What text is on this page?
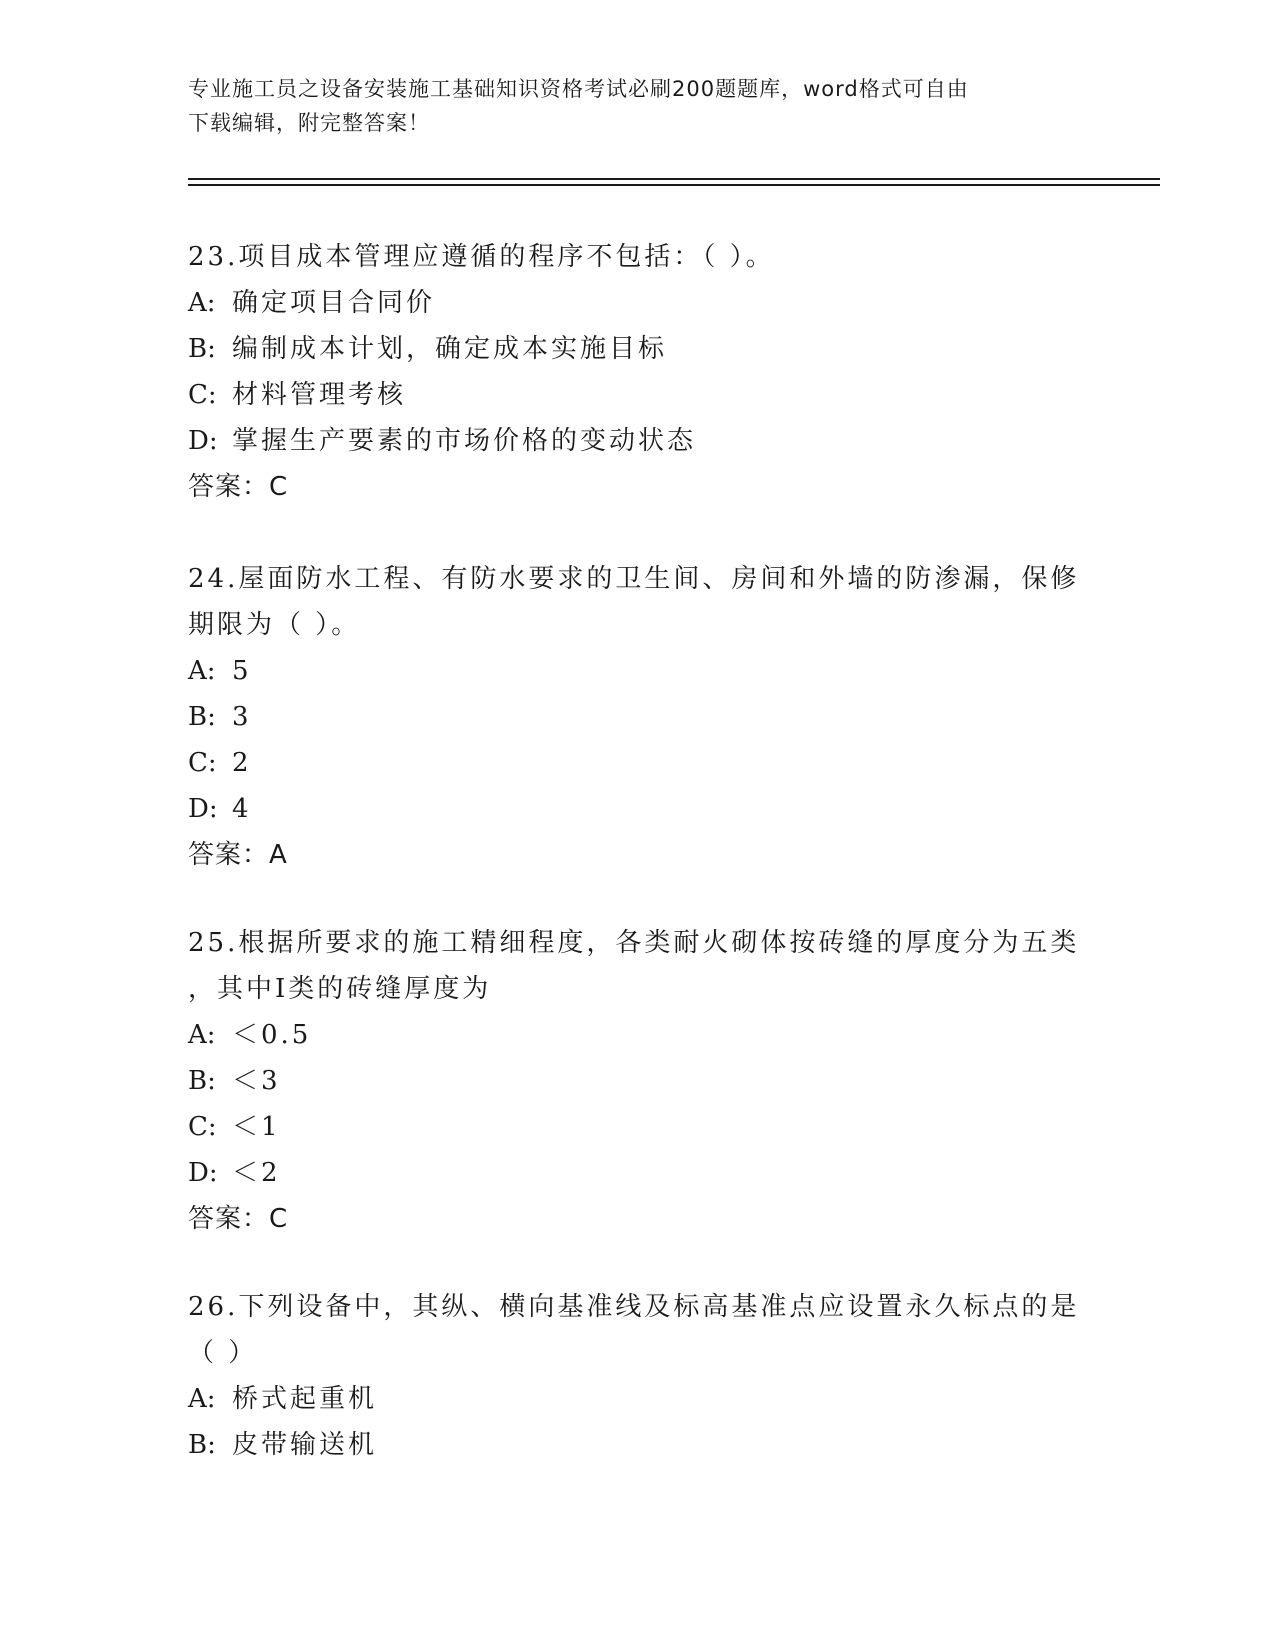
专业施工员之设备安装施工基础知识资格考试必刷200题题库，word格式可自由
下载编辑，附完整答案！
23.项目成本管理应遵循的程序不包括：（ ）。
A: 确定项目合同价
B: 编制成本计划，确定成本实施目标
C: 材料管理考核
D: 掌握生产要素的市场价格的变动状态
答案：C
24.屋面防水工程、有防水要求的卫生间、房间和外墙的防渗漏，保修
期限为（ ）。
A: 5
B: 3
C: 2
D: 4
答案：A
25.根据所要求的施工精细程度，各类耐火砌体按砖缝的厚度分为五类
，其中Ⅰ类的砖缝厚度为
A: ＜0.5
B: ＜3
C: ＜1
D: ＜2
答案：C
26.下列设备中，其纵、横向基准线及标高基准点应设置永久标点的是
（ ）
A: 桥式起重机
B: 皮带输送机
